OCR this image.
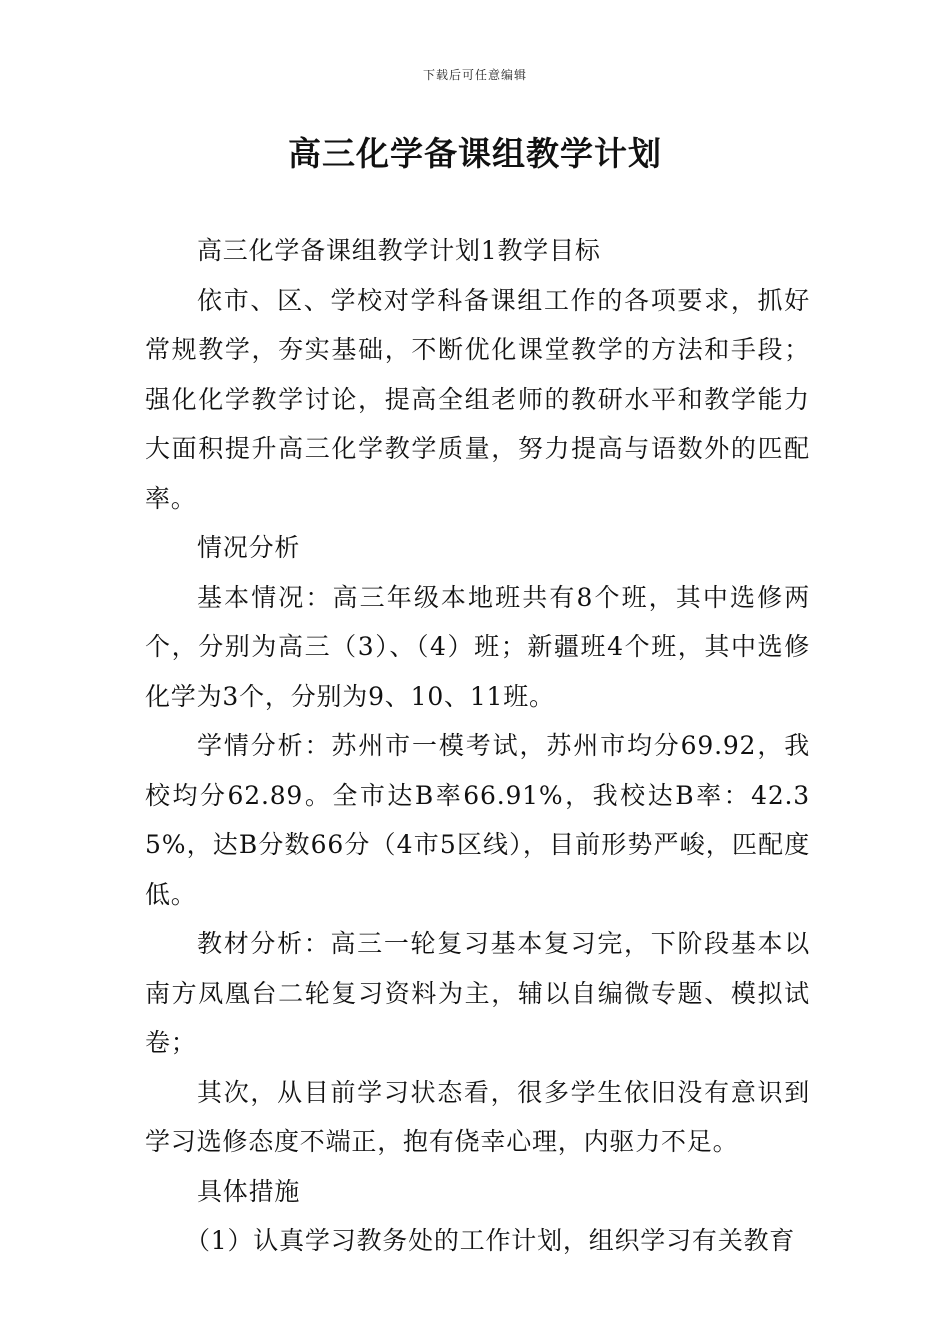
下载后可任意编辑
高三化学备课组教学计划

高三化学备课组教学计划1教学目标

依市、区、学校对学科备课组工作的各项要求，抓好常规教学，夯实基础，不断优化课堂教学的方法和手段；强化化学教学讨论，提高全组老师的教研水平和教学能力大面积提升高三化学教学质量，努力提高与语数外的匹配率。

情况分析

基本情况：高三年级本地班共有8个班，其中选修两个，分别为高三（3）、（4）班；新疆班4个班，其中选修化学为3个，分别为9、10、11班。

学情分析：苏州市一模考试，苏州市均分69.92，我校均分62.89。全市达B率66.91%，我校达B率：42.35%，达B分数66分（4市5区线），目前形势严峻，匹配度低。

教材分析：高三一轮复习基本复习完，下阶段基本以南方凤凰台二轮复习资料为主，辅以自编微专题、模拟试卷；

其次，从目前学习状态看，很多学生依旧没有意识到学习选修态度不端正，抱有侥幸心理，内驱力不足。

具体措施

（1）认真学习教务处的工作计划，组织学习有关教育
